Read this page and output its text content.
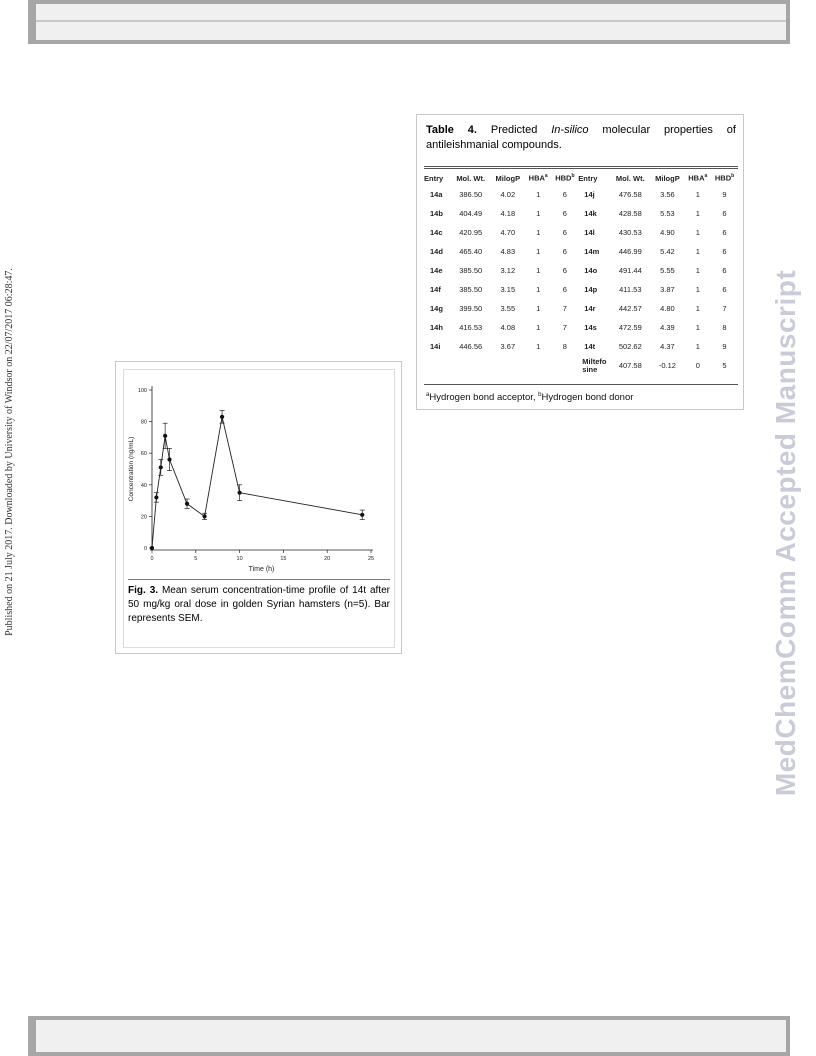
Published on 21 July 2017. Downloaded by University of Windsor on 22/07/2017 06:28:47.	MedChemComm Accepted Manuscript
Table 4. Predicted In-silico molecular properties of antileishmanial compounds.
Entry	Mol. Wt.	MilogP	HBA$^a$	HBD$^b$	Entry	Mol. Wt.	MilogP	HBA$^a$	HBD$^b$
14a	386.50	4.02	1	6	14j	476.58	3.56	1	9
14b	404.49	4.18	1	6	14k	428.58	5.53	1	6
14c	420.95	4.70	1	6	14l	430.53	4.90	1	6
14d	465.40	4.83	1	6	14m	446.99	5.42	1	6
14e	385.50	3.12	1	6	14o	491.44	5.55	1	6
14f	385.50	3.15	1	6	14p	411.53	3.87	1	6
14g	399.50	3.55	1	7	14r	442.57	4.80	1	7
14h	416.53	4.08	1	7	14s	472.59	4.39	1	8
14i	446.56	3.67	1	8	14t	502.62	4.37	1	9
					Miltefo sine	407.58	-0.12	0	5
$^a$Hydrogen bond acceptor, $^b$Hydrogen bond donor
0
20
40
60
80
100
0	5	10	15	20	25
Concentration (ng/mL)
Time (h)
Fig. 3. Mean serum concentration-time profile of 14t after 50 mg/kg oral dose in golden Syrian hamsters (n=5). Bar represents SEM.
